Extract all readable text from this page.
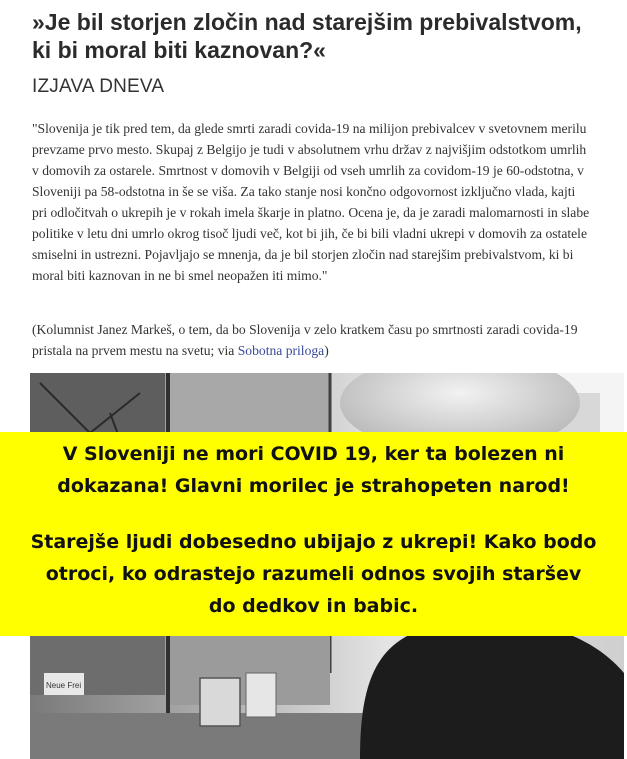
»Je bil storjen zločin nad starejšim prebivalstvom,
ki bi moral biti kaznovan?«
IZJAVA DNEVA

"Slovenija je tik pred tem, da glede smrti zaradi covida-19 na milijon prebivalcev v svetovnem merilu prevzame prvo mesto. Skupaj z Belgijo je tudi v absolutnem vrhu držav z najvišjim odstotkom umrlih v domovih za ostarele. Smrtnost v domovih v Belgiji od vseh umrlih za covidom-19 je 60-odstotna, v Sloveniji pa 58-odstotna in še se viša. Za tako stanje nosi končno odgovornost izključno vlada, kajti pri odločitvah o ukrepih je v rokah imela škarje in platno. Ocena je, da je zaradi malomarnosti in slabe politike v letu dni umrlo okrog tisoč ljudi več, kot bi jih, če bi bili vladni ukrepi v domovih za ostatele smiselni in ustrezni. Pojavljajo se mnenja, da je bil storjen zločin nad starejšim prebivalstvom, ki bi moral biti kaznovan in ne bi smel neopažen iti mimo."

(Kolumnist Janez Markeš, o tem, da bo Slovenija v zelo kratkem času po smrtnosti zaradi covida-19 pristala na prvem mestu na svetu; via Sobotna priloga)

Neue Frei

V Sloveniji ne mori COVID 19, ker ta bolezen ni

dokazana! Glavni morilec je strahopeten narod!

Starejše ljudi dobesedno ubijajo z ukrepi! Kako bodo

otroci, ko odrastejo razumeli odnos svojih staršev

do dedkov in babic.
